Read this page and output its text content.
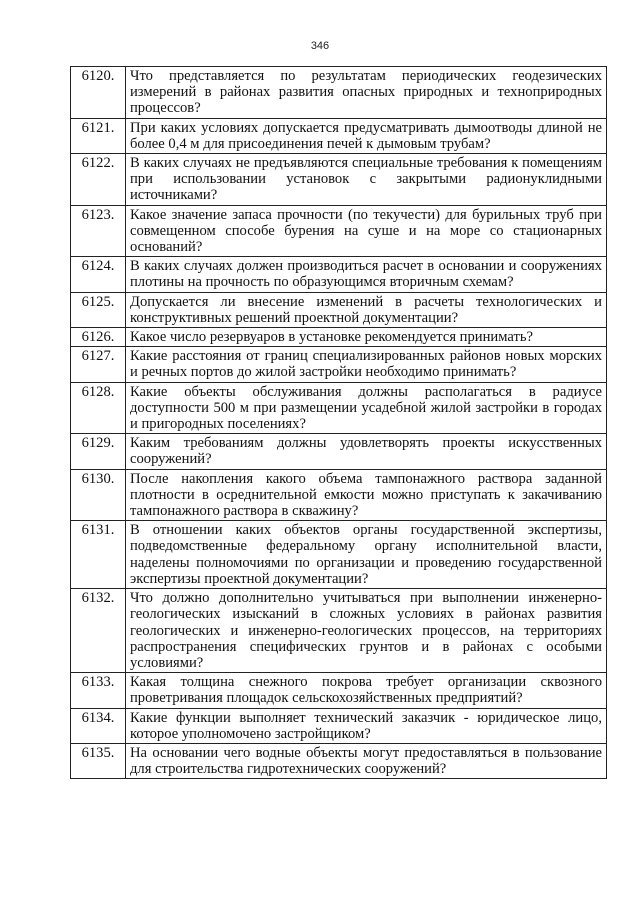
346
6120.	Что представляется по результатам периодических геодезических измерений в районах развития опасных природных и техноприродных процессов?
6121.	При каких условиях допускается предусматривать дымоотводы длиной не более 0,4 м для присоединения печей к дымовым трубам?
6122.	В каких случаях не предъявляются специальные требования к помещениям при использовании установок с закрытыми радионуклидными источниками?
6123.	Какое значение запаса прочности (по текучести) для бурильных труб при совмещенном способе бурения на суше и на море со стационарных оснований?
6124.	В каких случаях должен производиться расчет в основании и сооружениях плотины на прочность по образующимся вторичным схемам?
6125.	Допускается ли внесение изменений в расчеты технологических и конструктивных решений проектной документации?
6126.	Какое число резервуаров в установке рекомендуется принимать?
6127.	Какие расстояния от границ специализированных районов новых морских и речных портов до жилой застройки необходимо принимать?
6128.	Какие объекты обслуживания должны располагаться в радиусе доступности 500 м при размещении усадебной жилой застройки в городах и пригородных поселениях?
6129.	Каким требованиям должны удовлетворять проекты искусственных сооружений?
6130.	После накопления какого объема тампонажного раствора заданной плотности в осреднительной емкости можно приступать к закачиванию тампонажного раствора в скважину?
6131.	В отношении каких объектов органы государственной экспертизы, подведомственные федеральному органу исполнительной власти, наделены полномочиями по организации и проведению государственной экспертизы проектной документации?
6132.	Что должно дополнительно учитываться при выполнении инженерно-геологических изысканий в сложных условиях в районах развития геологических и инженерно-геологических процессов, на территориях распространения специфических грунтов и в районах с особыми условиями?
6133.	Какая толщина снежного покрова требует организации сквозного проветривания площадок сельскохозяйственных предприятий?
6134.	Какие функции выполняет технический заказчик - юридическое лицо, которое уполномочено застройщиком?
6135.	На основании чего водные объекты могут предоставляться в пользование для строительства гидротехнических сооружений?
